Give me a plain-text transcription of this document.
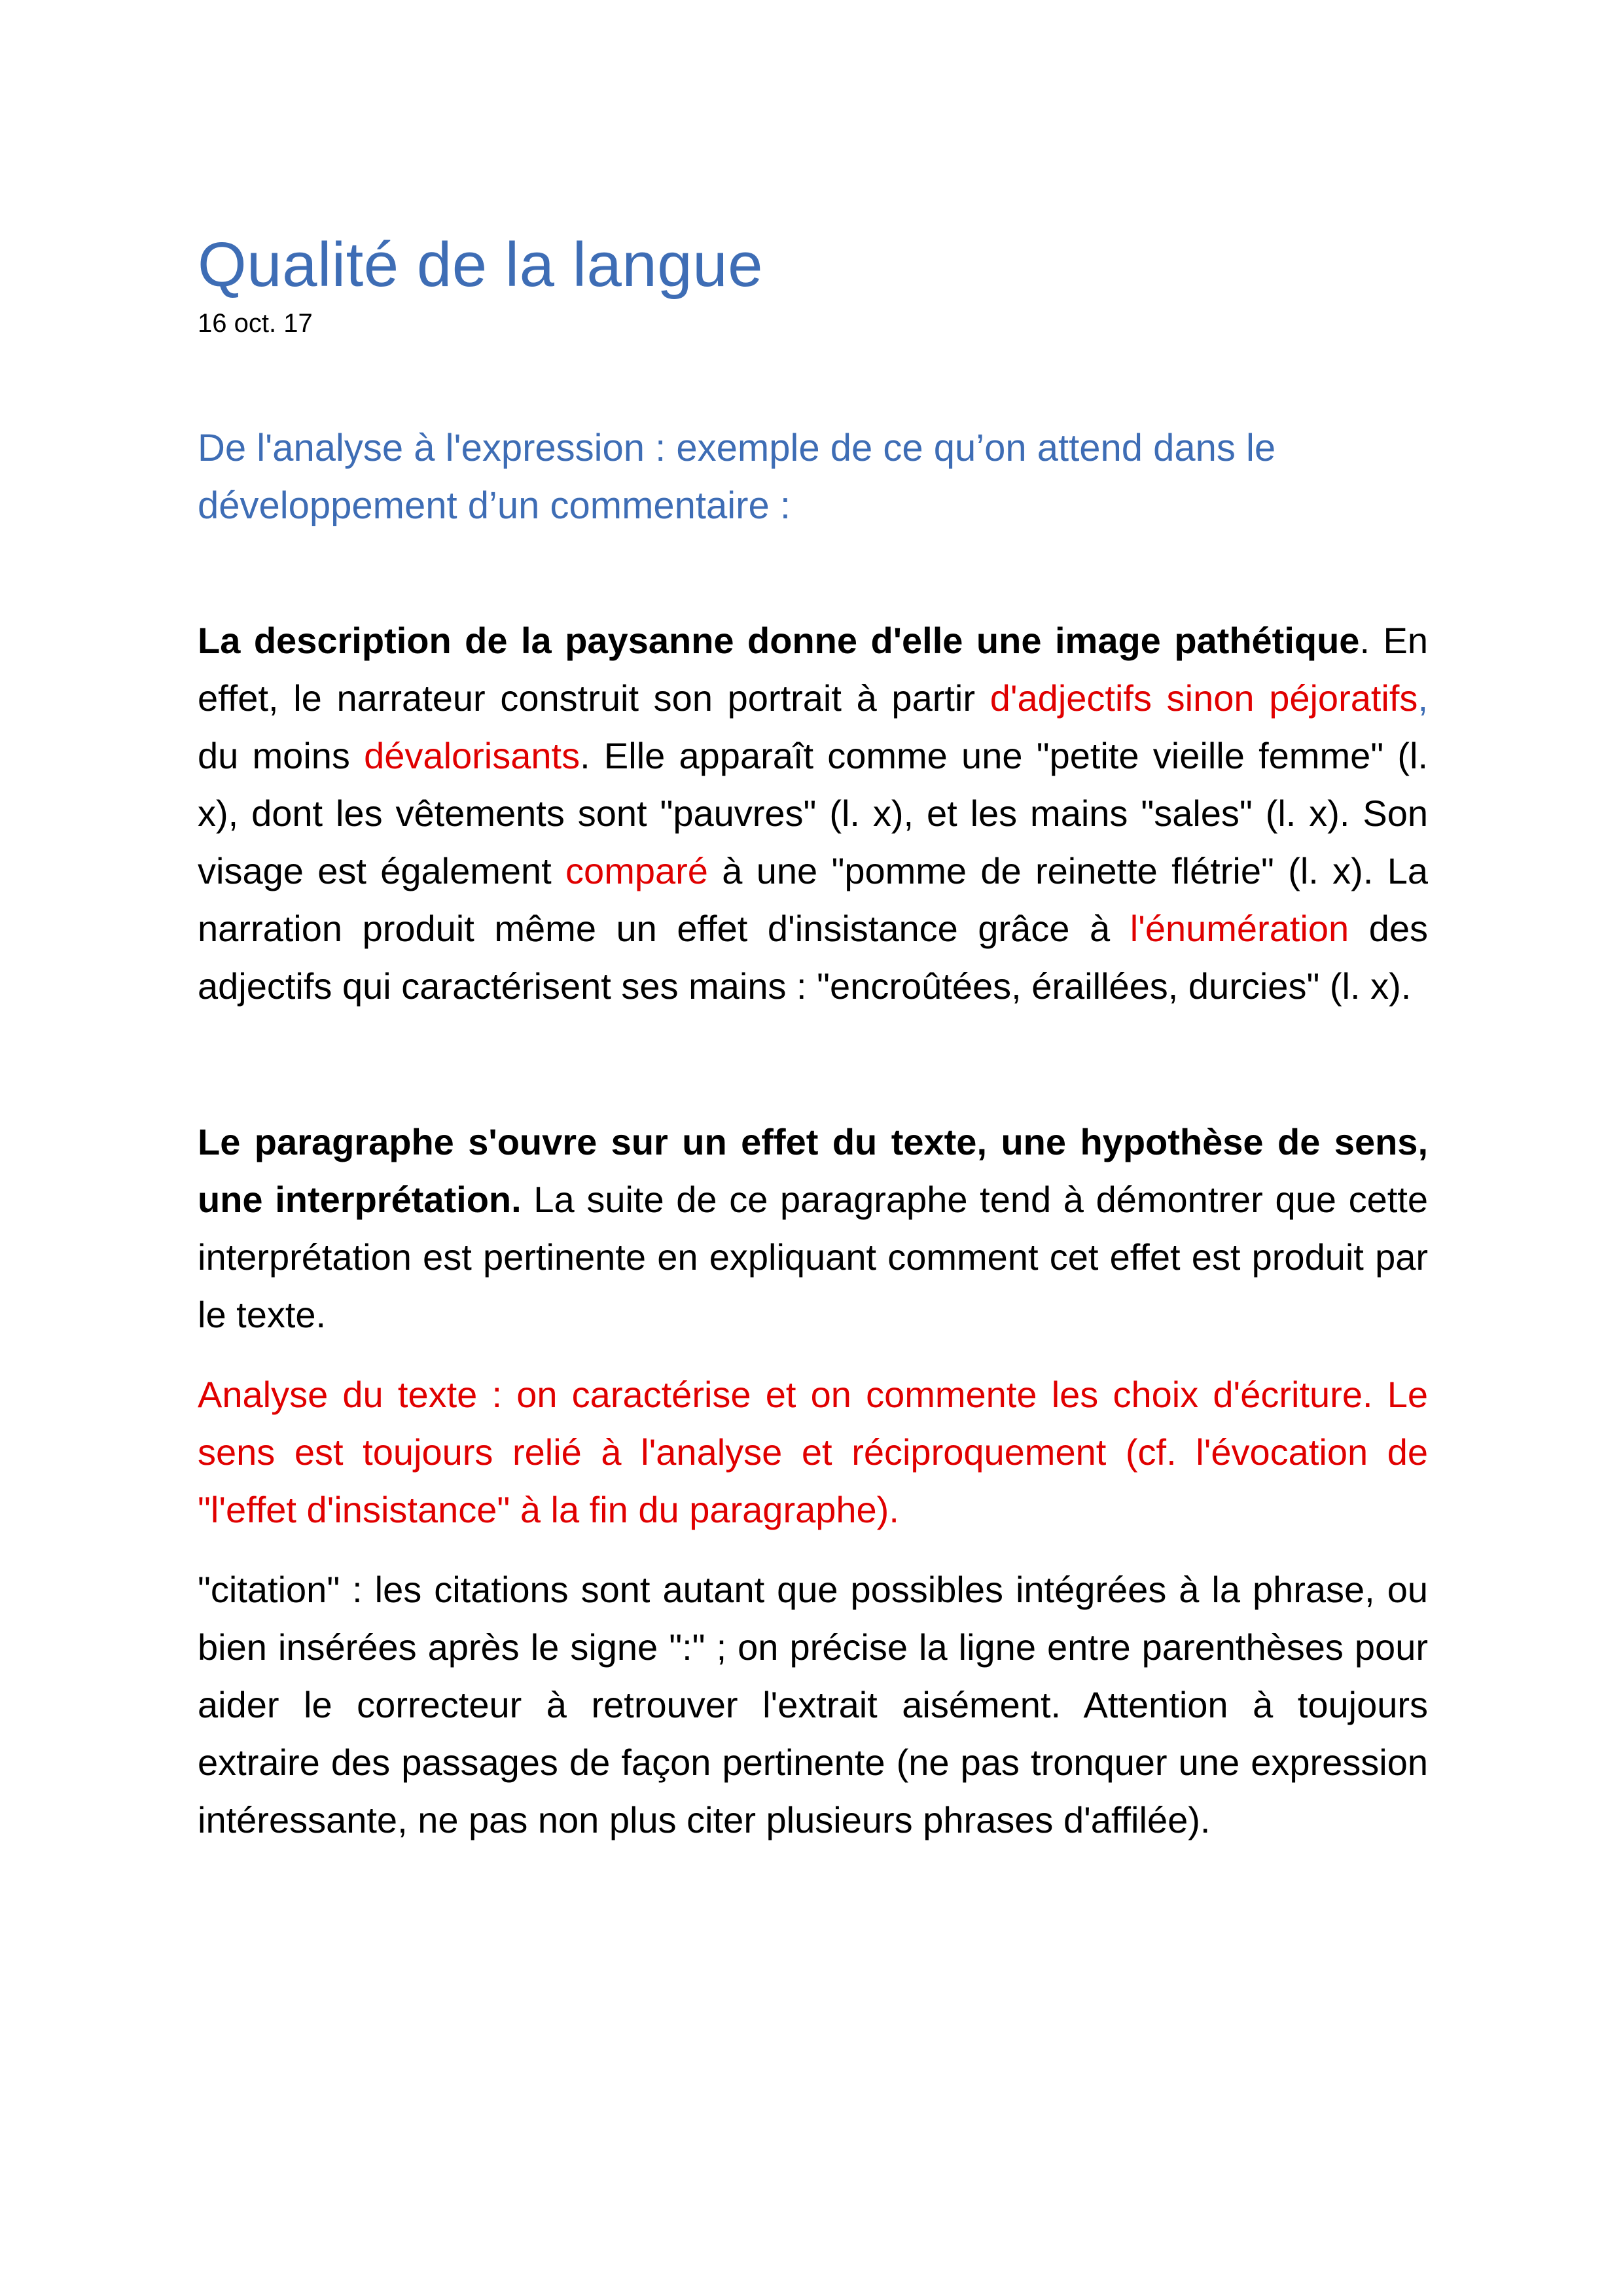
Qualité de la langue
16 oct. 17
De l'analyse à l'expression : exemple de ce qu’on attend dans le développement d’un commentaire :

La description de la paysanne donne d'elle une image pathétique. En effet, le narrateur construit son portrait à partir d'adjectifs sinon péjoratifs, du moins dévalorisants. Elle apparaît comme une "petite vieille femme" (l. x), dont les vêtements sont "pauvres" (l. x), et les mains "sales" (l. x). Son visage est également comparé à une "pomme de reinette flétrie" (l. x). La narration produit même un effet d'insistance grâce à l'énumération des adjectifs qui caractérisent ses mains : "encroûtées, éraillées, durcies" (l. x).

Le paragraphe s'ouvre sur un effet du texte, une hypothèse de sens, une interprétation. La suite de ce paragraphe tend à démontrer que cette interprétation est pertinente en expliquant comment cet effet est produit par le texte.

Analyse du texte : on caractérise et on commente les choix d'écriture. Le sens est toujours relié à l'analyse et réciproquement (cf. l'évocation de "l'effet d'insistance" à la fin du paragraphe).

"citation" : les citations sont autant que possibles intégrées à la phrase, ou bien insérées après le signe ":" ; on précise la ligne entre parenthèses pour aider le correcteur à retrouver l'extrait aisément. Attention à toujours extraire des passages de façon pertinente (ne pas tronquer une expression intéressante, ne pas non plus citer plusieurs phrases d'affilée).
